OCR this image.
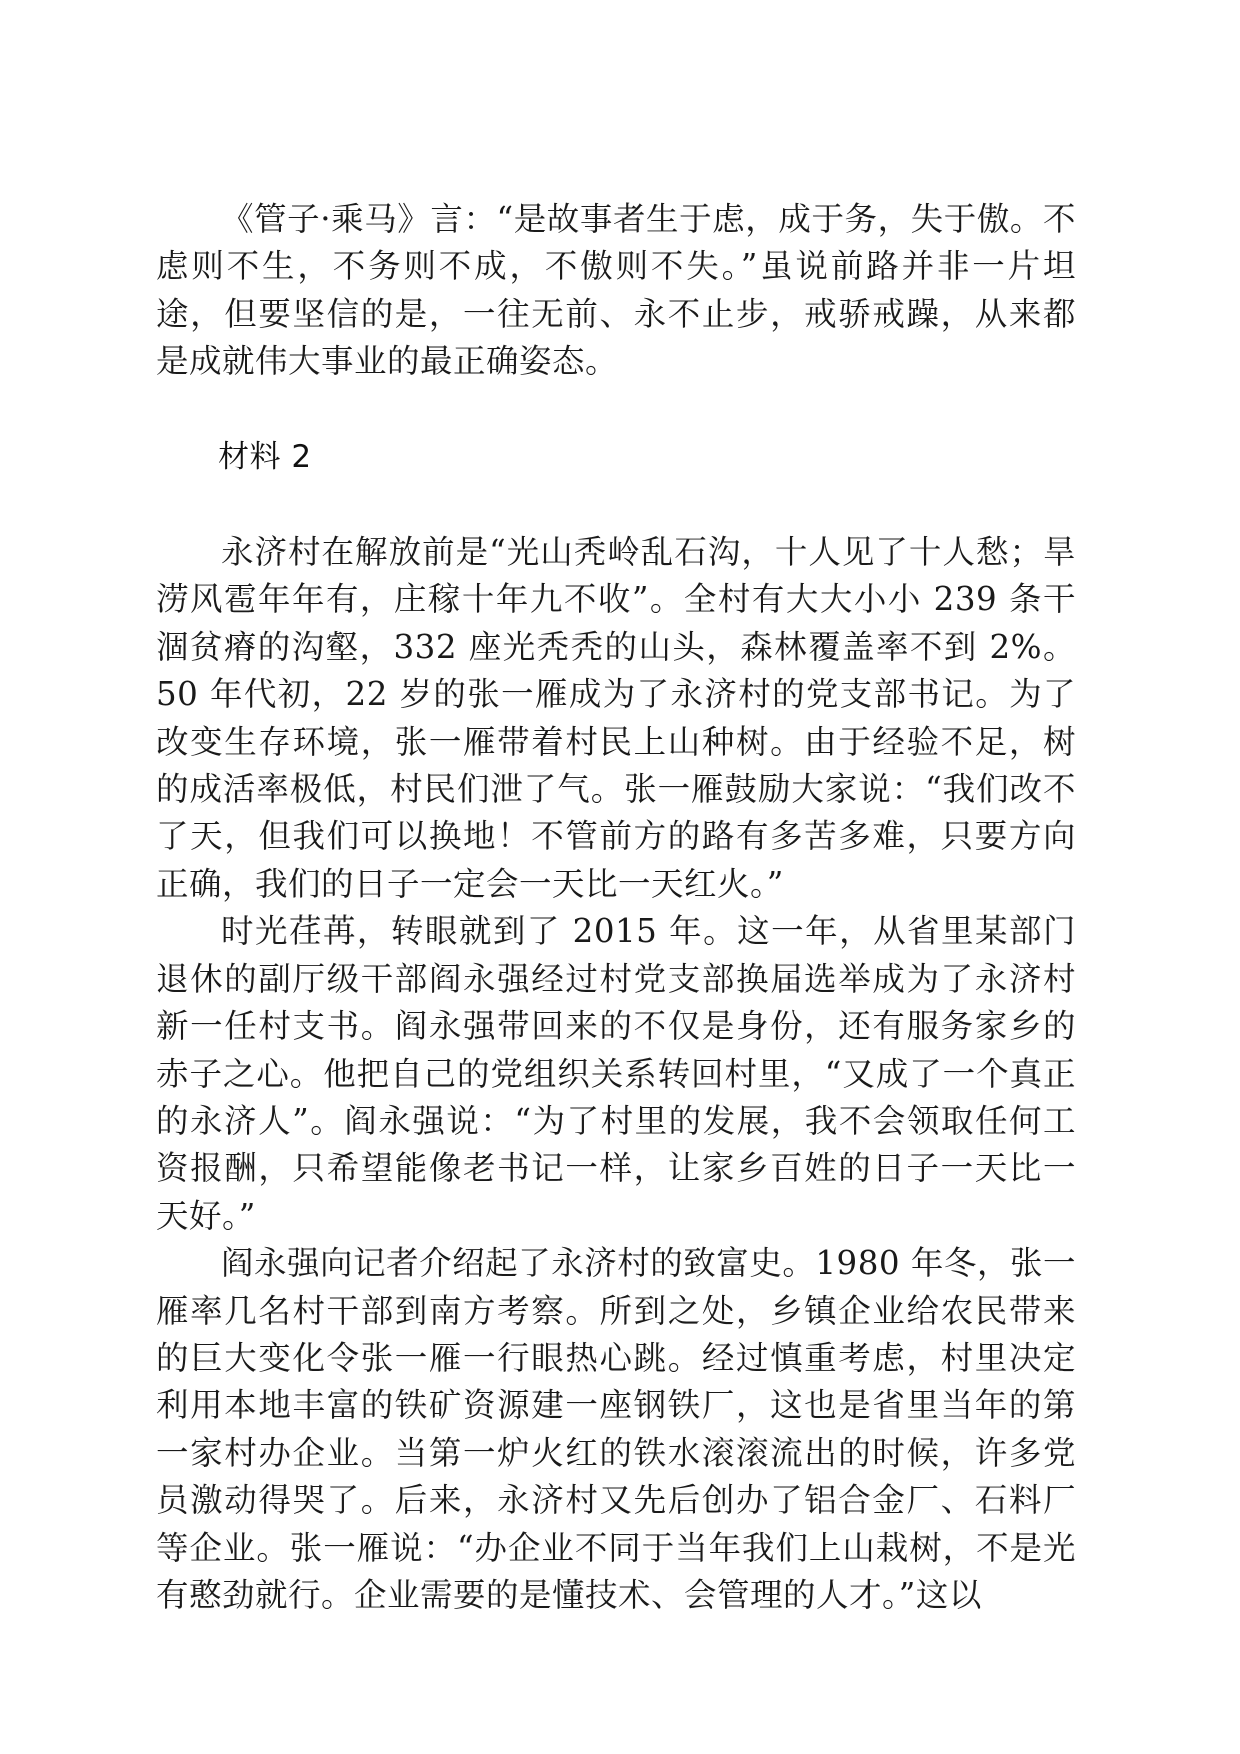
《管子·乘马》言：“是故事者生于虑，成于务，失于傲。不虑则不生，不务则不成，不傲则不失。”虽说前路并非一片坦途，但要坚信的是，一往无前、永不止步，戒骄戒躁，从来都是成就伟大事业的最正确姿态。

材料 2

永济村在解放前是“光山秃岭乱石沟，十人见了十人愁；旱涝风雹年年有，庄稼十年九不收”。全村有大大小小 239 条干涸贫瘠的沟壑，332 座光秃秃的山头，森林覆盖率不到 2%。50 年代初，22 岁的张一雁成为了永济村的党支部书记。为了改变生存环境，张一雁带着村民上山种树。由于经验不足，树的成活率极低，村民们泄了气。张一雁鼓励大家说：“我们改不了天，但我们可以换地！不管前方的路有多苦多难，只要方向正确，我们的日子一定会一天比一天红火。”

时光荏苒，转眼就到了 2015 年。这一年，从省里某部门退休的副厅级干部阎永强经过村党支部换届选举成为了永济村新一任村支书。阎永强带回来的不仅是身份，还有服务家乡的赤子之心。他把自己的党组织关系转回村里，“又成了一个真正的永济人”。阎永强说：“为了村里的发展，我不会领取任何工资报酬，只希望能像老书记一样，让家乡百姓的日子一天比一天好。”

阎永强向记者介绍起了永济村的致富史。1980 年冬，张一雁率几名村干部到南方考察。所到之处，乡镇企业给农民带来的巨大变化令张一雁一行眼热心跳。经过慎重考虑，村里决定利用本地丰富的铁矿资源建一座钢铁厂，这也是省里当年的第一家村办企业。当第一炉火红的铁水滚滚流出的时候，许多党员激动得哭了。后来，永济村又先后创办了铝合金厂、石料厂等企业。张一雁说：“办企业不同于当年我们上山栽树，不是光有憨劲就行。企业需要的是懂技术、会管理的人才。”这以
